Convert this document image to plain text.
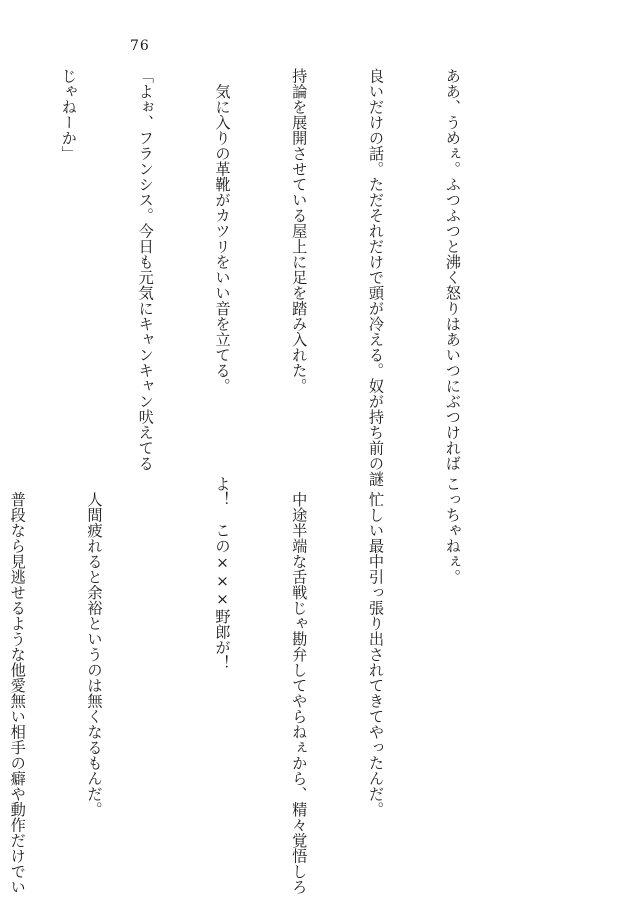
76

ああ、うめぇ。ふつふつと沸く怒りはあいつにぶつければ

良いだけの話。ただそれだけで頭が冷える。奴が持ち前の謎

持論を展開させている屋上に足を踏み入れた。

　気に入りの革靴がカツリをいい音を立てる。

「よぉ、フランシス。今日も元気にキャンキャン吠えてる

じゃねーか」

こっちゃねぇ。

　忙しい最中引っ張り出されてきてやったんだ。

　中途半端な舌戦じゃ勘弁してやらねぇから、精々覚悟しろ

よ！　この×××野郎が！

　人間疲れると余裕というのは無くなるもんだ。

　普段なら見逃せるような他愛無い相手の癖や動作だけでい
